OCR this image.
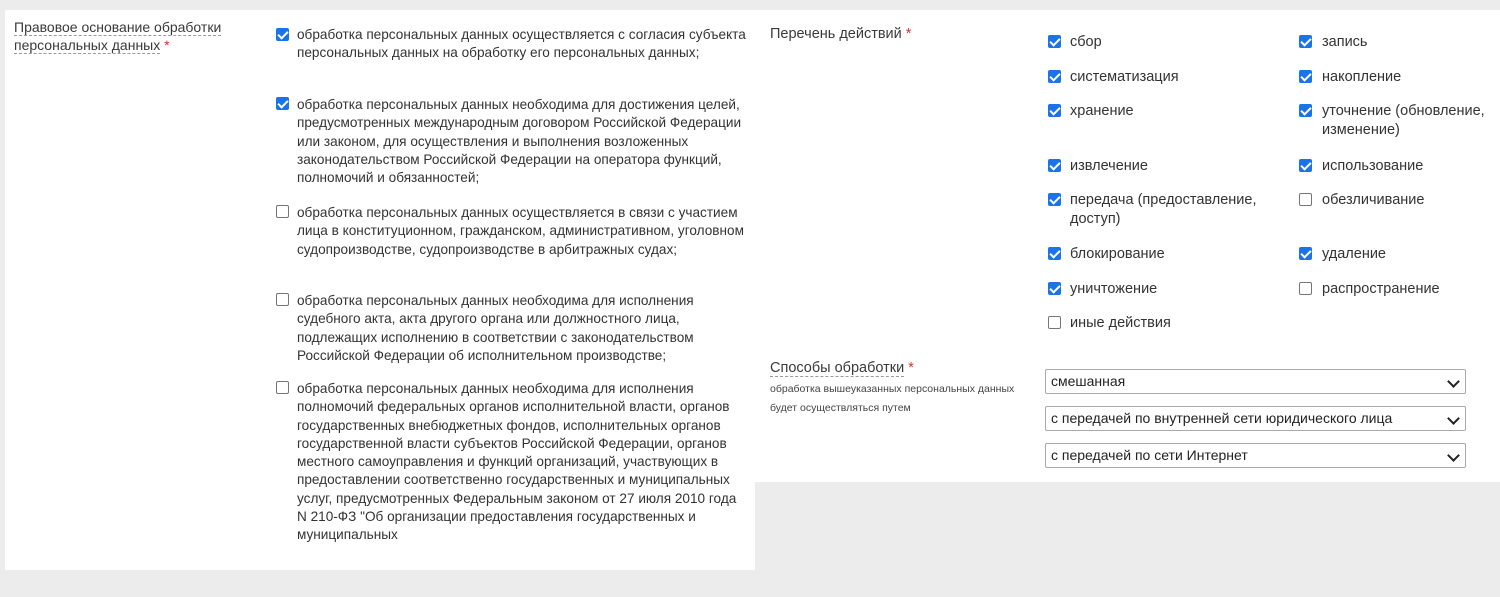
Правовое основание обработки персональных данных *
обработка персональных данных осуществляется с согласия субъекта персональных данных на обработку его персональных данных;
обработка персональных данных необходима для достижения целей, предусмотренных международным договором Российской Федерации или законом, для осуществления и выполнения возложенных законодательством Российской Федерации на оператора функций, полномочий и обязанностей;
обработка персональных данных осуществляется в связи с участием лица в конституционном, гражданском, административном, уголовном судопроизводстве, судопроизводстве в арбитражных судах;
обработка персональных данных необходима для исполнения судебного акта, акта другого органа или должностного лица, подлежащих исполнению в соответствии с законодательством Российской Федерации об исполнительном производстве;
обработка персональных данных необходима для исполнения полномочий федеральных органов исполнительной власти, органов государственных внебюджетных фондов, исполнительных органов государственной власти субъектов Российской Федерации, органов местного самоуправления и функций организаций, участвующих в предоставлении соответственно государственных и муниципальных услуг, предусмотренных Федеральным законом от 27 июля 2010 года N 210-ФЗ "Об организации предоставления государственных и муниципальных
Перечень действий *	сбор
систематизация
хранение
извлечение
передача (предоставление, доступ)
блокирование
уничтожение
иные действия
запись
накопление
уточнение (обновление, изменение)
использование
обезличивание
удаление
распространение
Способы обработки *
обработка вышеуказанных персональных данных будет осуществляться путем
смешанная
с передачей по внутренней сети юридического лица
с передачей по сети Интернет
